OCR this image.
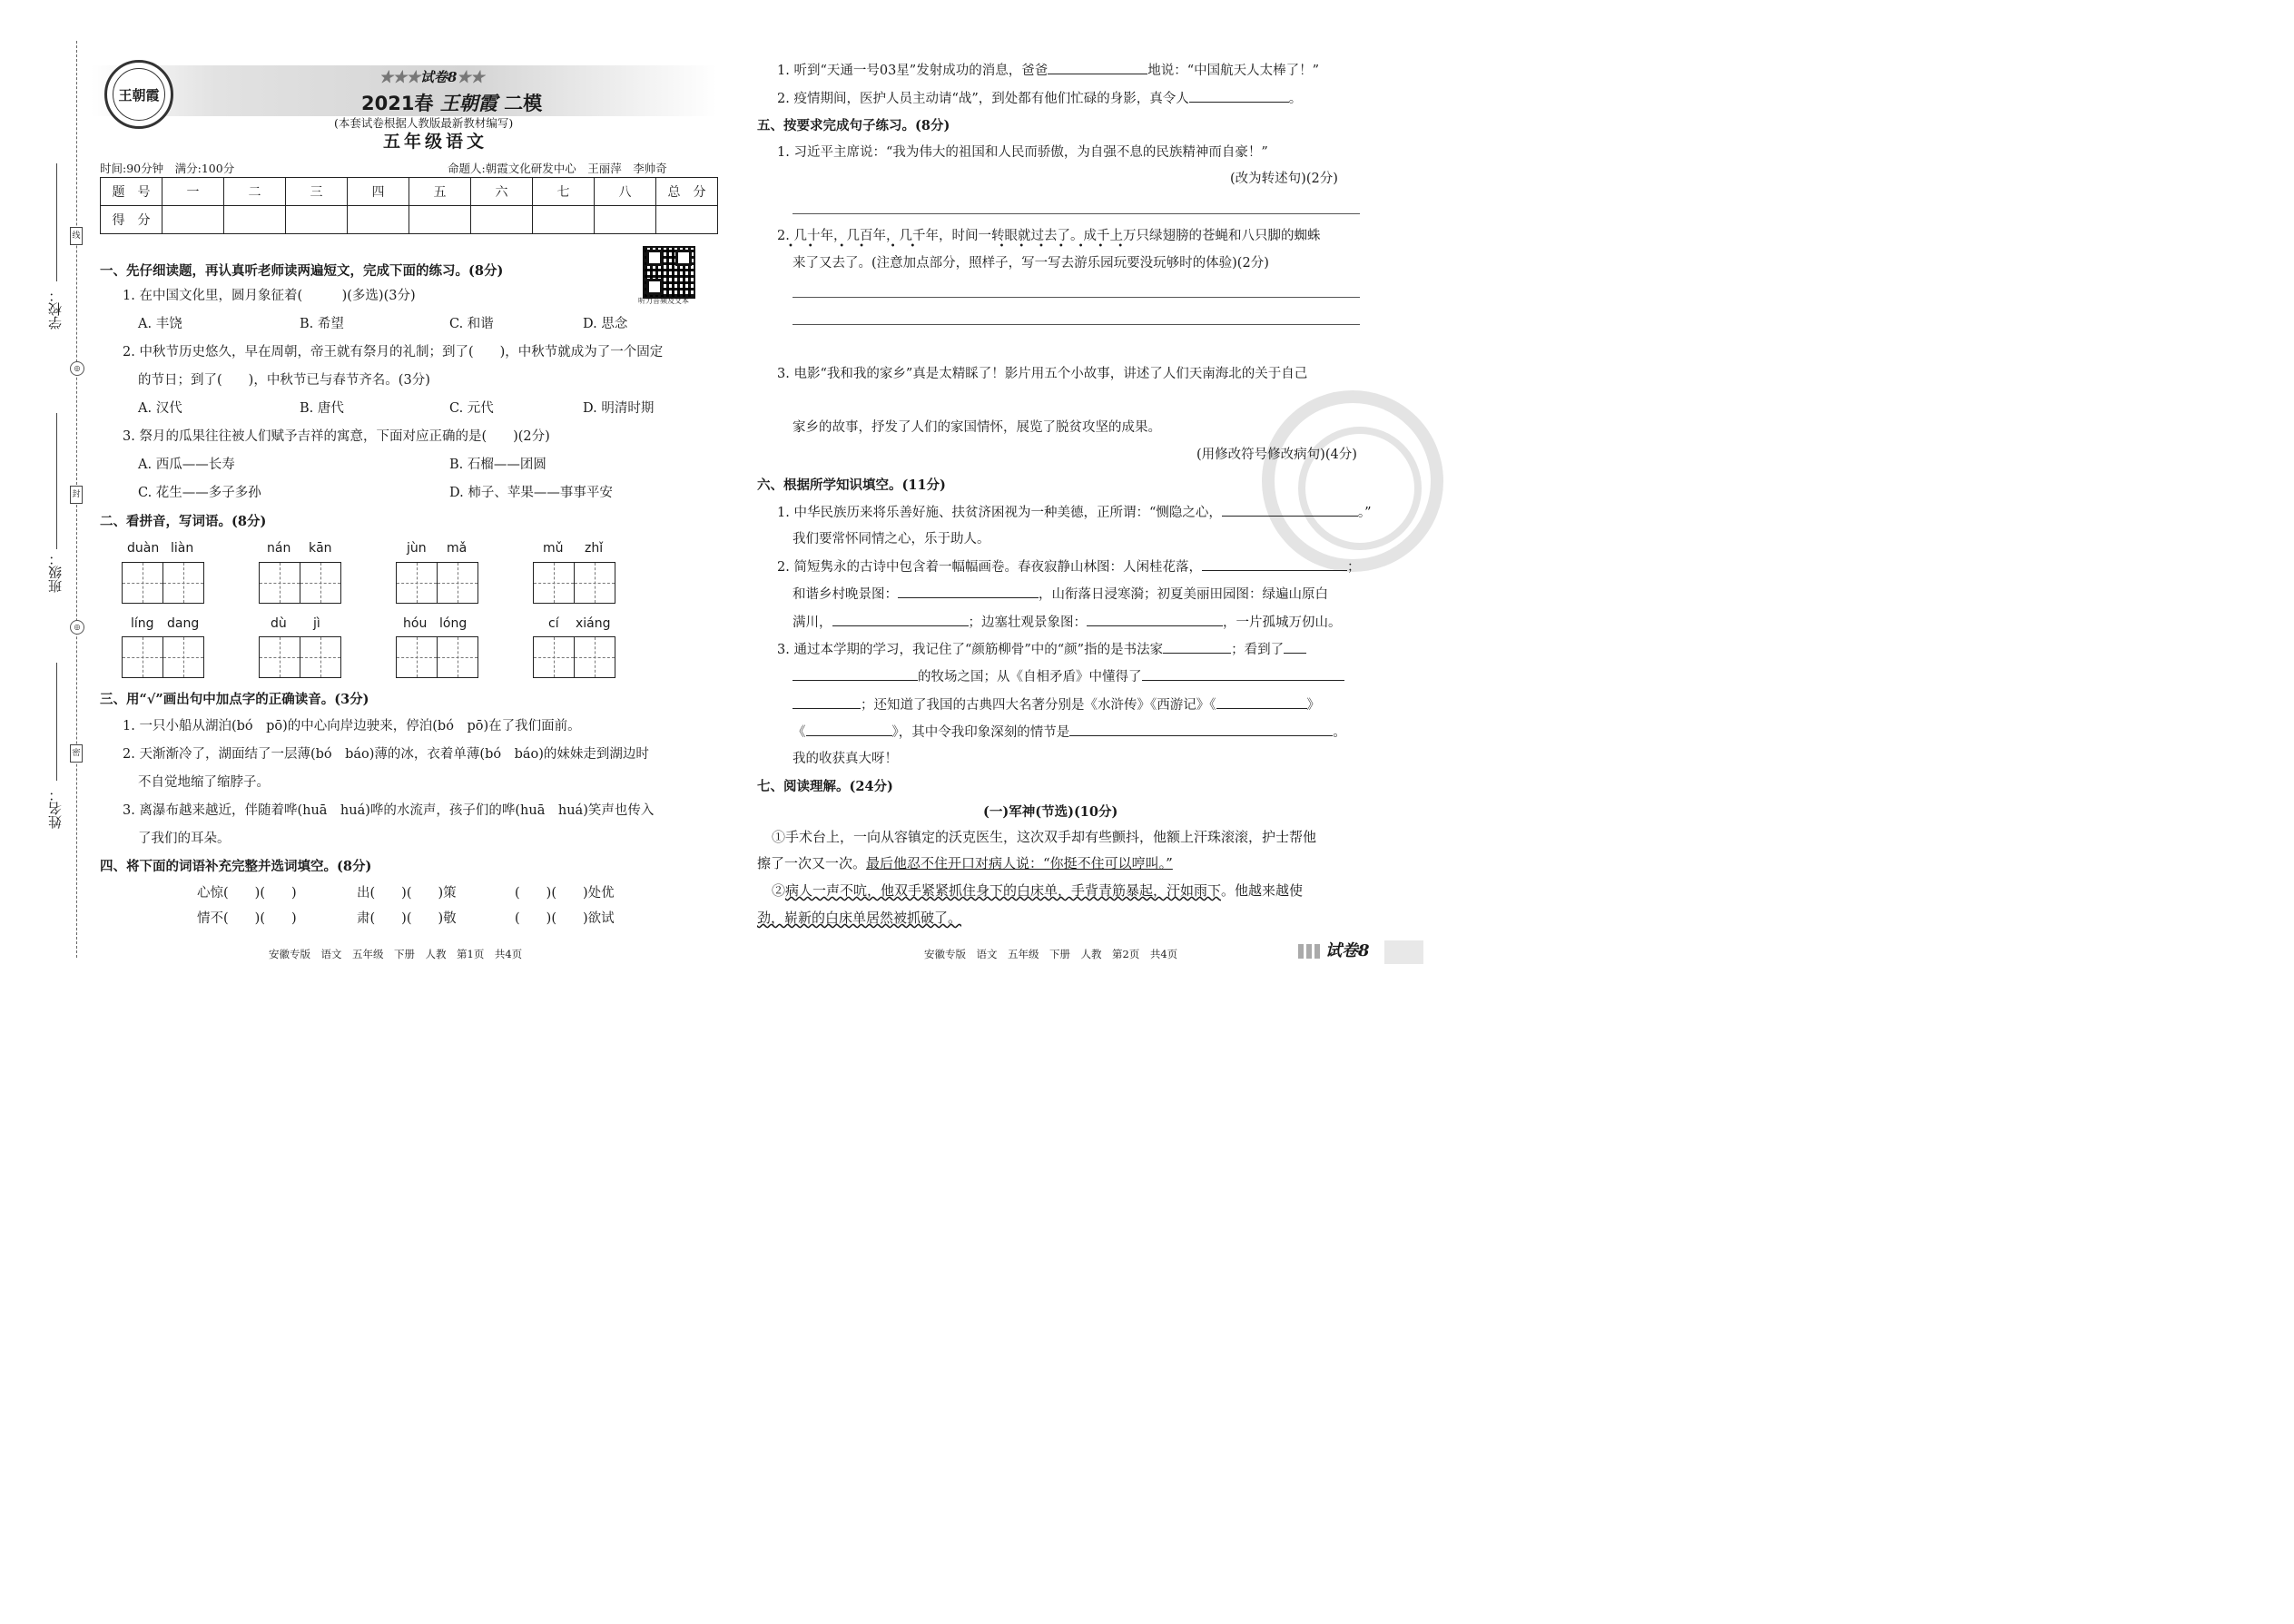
学校：
班级：
姓名：
线
◎
封
◎
密
王朝霞
★★★试卷8★★
2021春 王朝霞 二模
(本套试卷根据人教版最新教材编写)
五年级语文
时间:90分钟　 满分:100分	命题人:朝霞文化研发中心　王丽萍　李帅奇
题　号	一	二	三	四	五	六	七	八	总　分
得　分									
听力音频及文本
一、先仔细读题，再认真听老师读两遍短文，完成下面的练习。(8分)
1. 在中国文化里，圆月象征着(　　　)(多选)(3分)
A. 丰饶	B. 希望	C. 和谐	D. 思念
2. 中秋节历史悠久，早在周朝，帝王就有祭月的礼制；到了(　　)，中秋节就成为了一个固定
的节日；到了(　　)，中秋节已与春节齐名。(3分)
A. 汉代	B. 唐代	C. 元代	D. 明清时期
3. 祭月的瓜果往往被人们赋予吉祥的寓意，下面对应正确的是(　　)(2分)
A. 西瓜——长寿	B. 石榴——团圆
C. 花生——多子多孙	D. 柿子、苹果——事事平安
二、看拼音，写词语。(8分)
duàn liàn	nán kān	jùn mǎ	mǔ zhǐ
líng dang	dù jì	hóu lóng	cí xiáng
三、用“√”画出句中加点字的正确读音。(3分)
1. 一只小船从湖泊(bó　pō)的中心向岸边驶来，停泊(bó　pō)在了我们面前。
2. 天渐渐冷了，湖面结了一层薄(bó　báo)薄的冰，衣着单薄(bó　báo)的妹妹走到湖边时
不自觉地缩了缩脖子。
3. 离瀑布越来越近，伴随着哗(huā　huá)哗的水流声，孩子们的哗(huā　huá)笑声也传入
了我们的耳朵。
四、将下面的词语补充完整并选词填空。(8分)
心惊(　　)(　　)	出(　　)(　　)策	(　　)(　　)处优
情不(　　)(　　)	肃(　　)(　　)敬	(　　)(　　)欲试
安徽专版　语文　五年级　下册　人教　第1页　共4页
1. 听到“天通一号03星”发射成功的消息，爸爸	地说：“中国航天人太棒了！”
2. 疫情期间，医护人员主动请“战”，到处都有他们忙碌的身影，真令人	。
五、按要求完成句子练习。(8分)
1. 习近平主席说：“我为伟大的祖国和人民而骄傲，为自强不息的民族精神而自豪！”
(改为转述句)(2分)
2. 几十年，几百年，几千年，时间一转眼就过去了。成千上万只绿翅膀的苍蝇和八只脚的蜘蛛
•     •         •     •         •     •                             •     •     •     •     •     •     •
来了又去了。(注意加点部分，照样子，写一写去游乐园玩要没玩够时的体验)(2分)
3. 电影“我和我的家乡”真是太精睬了！影片用五个小故事，讲述了人们天南海北的关于自己
家乡的故事，抒发了人们的家国情怀，展览了脱贫攻坚的成果。
(用修改符号修改病句)(4分)
六、根据所学知识填空。(11分)
1. 中华民族历来将乐善好施、扶贫济困视为一种美德，正所谓：“恻隐之心，	。”
我们要常怀同情之心，乐于助人。
2. 简短隽永的古诗中包含着一幅幅画卷。春夜寂静山林图：人闲桂花落，	；
和谐乡村晚景图：	，山衔落日浸寒漪；初夏美丽田园图：绿遍山原白
满川，	；边塞壮观景象图：	，一片孤城万仞山。
3. 通过本学期的学习，我记住了“颜筋柳骨”中的“颜”指的是书法家	；看到了
的牧场之国；从《自相矛盾》中懂得了
；还知道了我国的古典四大名著分别是《水浒传》《西游记》《	》
《	》，其中令我印象深刻的情节是	。
我的收获真大呀！
七、阅读理解。(24分)
(一)军神(节选)(10分)
①手术台上，一向从容镇定的沃克医生，这次双手却有些颤抖，他额上汗珠滚滚，护士帮他
擦了一次又一次。最后他忍不住开口对病人说：“你挺不住可以哼叫。”
②病人一声不吭，他双手紧紧抓住身下的白床单，手背青筋暴起，汗如雨下。他越来越使
劲，崭新的白床单居然被抓破了。
安徽专版　语文　五年级　下册　人教　第2页　共4页	试卷8
